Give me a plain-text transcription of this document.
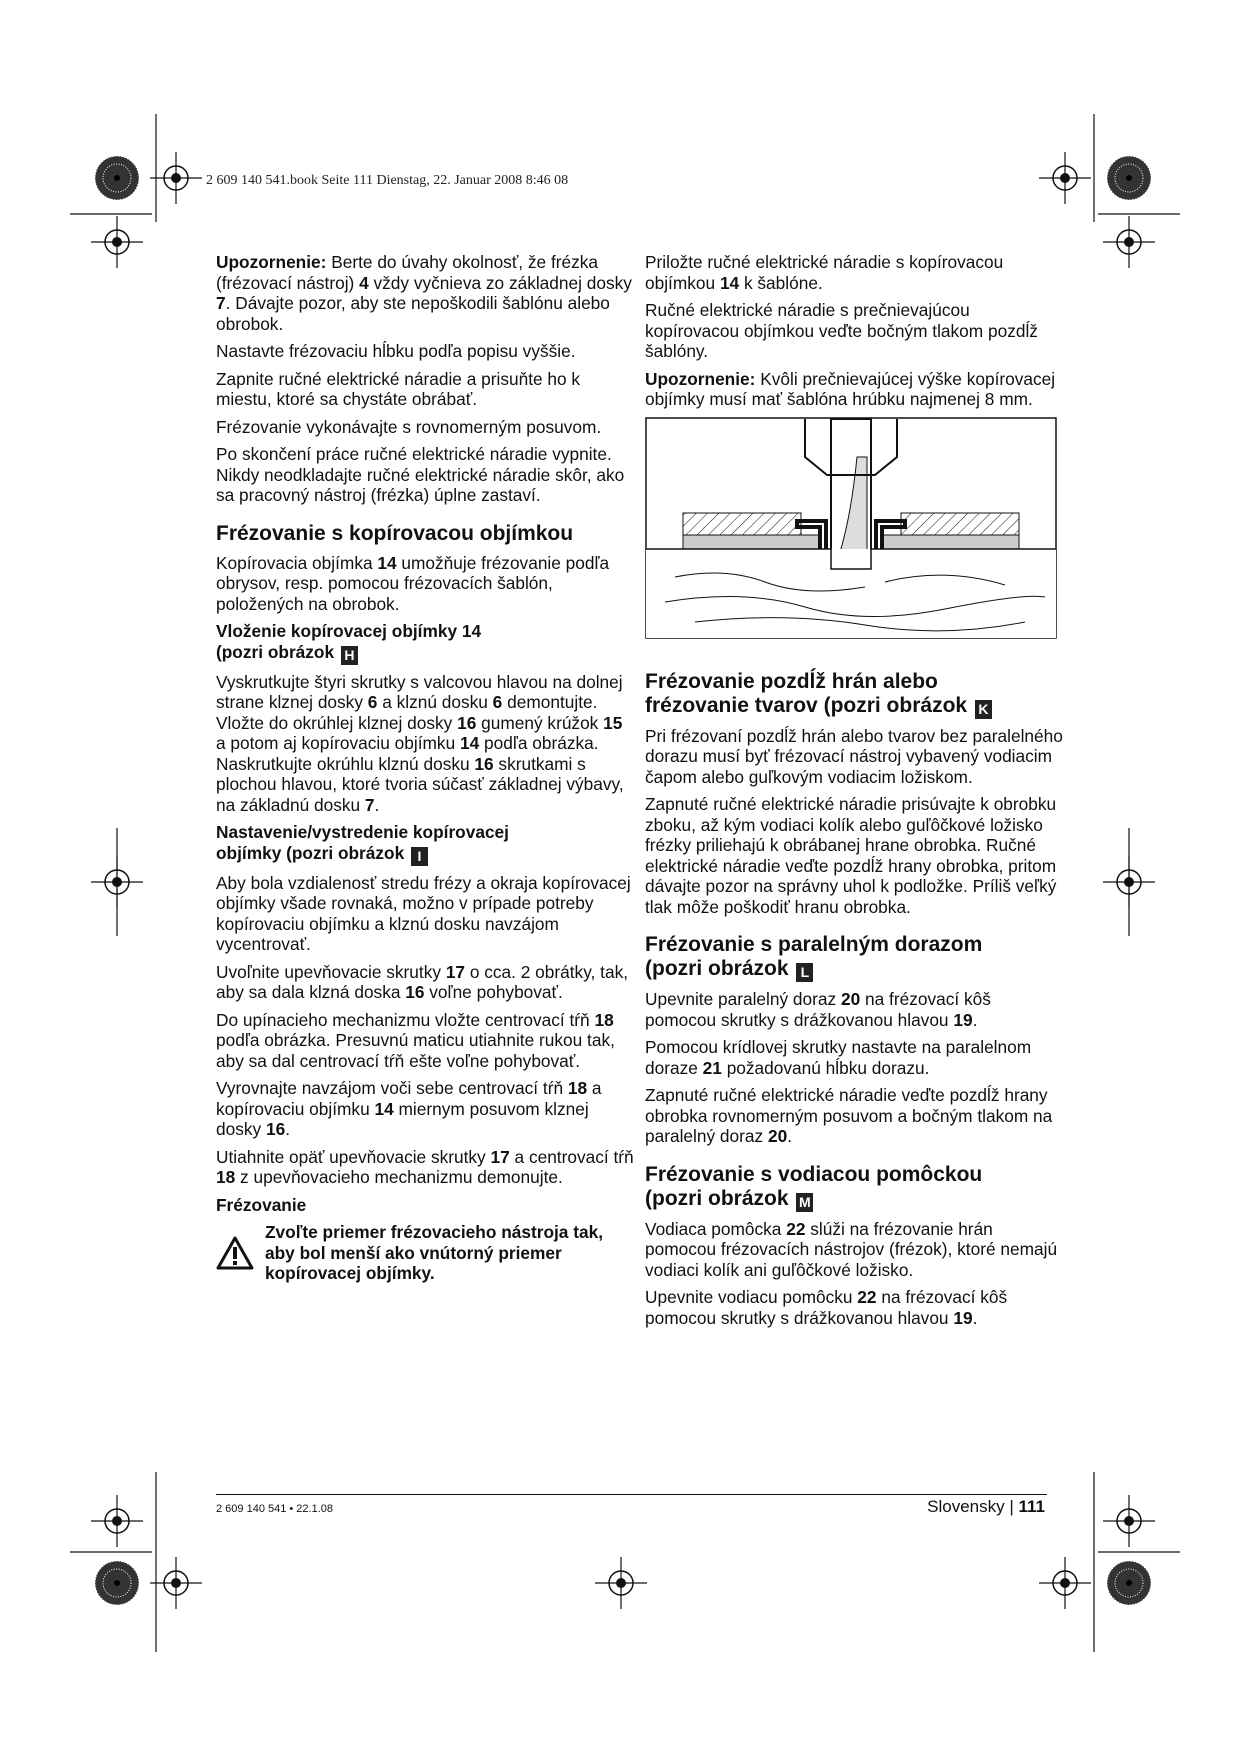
2 609 140 541.book Seite 111 Dienstag, 22. Januar 2008 8:46 08

Upozornenie: Berte do úvahy okolnosť, že frézka (frézovací nástroj) 4 vždy vyčnieva zo základnej dosky 7. Dávajte pozor, aby ste nepoškodili šablónu alebo obrobok.

Nastavte frézovaciu hĺbku podľa popisu vyššie.

Zapnite ručné elektrické náradie a prisuňte ho k miestu, ktoré sa chystáte obrábať.

Frézovanie vykonávajte s rovnomerným posuvom.

Po skončení práce ručné elektrické náradie vypnite. Nikdy neodkladajte ručné elektrické náradie skôr, ako sa pracovný nástroj (frézka) úplne zastaví.

Frézovanie s kopírovacou objímkou

Kopírovacia objímka 14 umožňuje frézovanie podľa obrysov, resp. pomocou frézovacích šablón, položených na obrobok.

Vloženie kopírovacej objímky 14
(pozri obrázok H

Vyskrutkujte štyri skrutky s valcovou hlavou na dolnej strane klznej dosky 6 a klznú dosku 6 demontujte. Vložte do okrúhlej klznej dosky 16 gumený krúžok 15 a potom aj kopírovaciu objímku 14 podľa obrázka. Naskrutkujte okrúhlu klznú dosku 16 skrutkami s plochou hlavou, ktoré tvoria súčasť základnej výbavy, na základnú dosku 7.

Nastavenie/vystredenie kopírovacej
objímky (pozri obrázok I

Aby bola vzdialenosť stredu frézy a okraja kopírovacej objímky všade rovnaká, možno v prípade potreby kopírovaciu objímku a klznú dosku navzájom vycentrovať.

Uvoľnite upevňovacie skrutky 17 o cca. 2 obrátky, tak, aby sa dala klzná doska 16 voľne pohybovať.

Do upínacieho mechanizmu vložte centrovací tŕň 18 podľa obrázka. Presuvnú maticu utiahnite rukou tak, aby sa dal centrovací tŕň ešte voľne pohybovať.

Vyrovnajte navzájom voči sebe centrovací tŕň 18 a kopírovaciu objímku 14 miernym posuvom klznej dosky 16.

Utiahnite opäť upevňovacie skrutky 17 a centrovací tŕň 18 z upevňovacieho mechanizmu demonujte.

Frézovanie

Zvoľte priemer frézovacieho nástroja tak, aby bol menší ako vnútorný priemer kopírovacej objímky.

Priložte ručné elektrické náradie s kopírovacou objímkou 14 k šablóne.

Ručné elektrické náradie s prečnievajúcou kopírovacou objímkou veďte bočným tlakom pozdĺž šablóny.

Upozornenie: Kvôli prečnievajúcej výške kopírovacej objímky musí mať šablóna hrúbku najmenej 8 mm.

Frézovanie pozdĺž hrán alebo
frézovanie tvarov (pozri obrázok K

Pri frézovaní pozdĺž hrán alebo tvarov bez paralelného dorazu musí byť frézovací nástroj vybavený vodiacim čapom alebo guľkovým vodiacim ložiskom.

Zapnuté ručné elektrické náradie prisúvajte k obrobku zboku, až kým vodiaci kolík alebo guľôčkové ložisko frézky priliehajú k obrábanej hrane obrobka. Ručné elektrické náradie veďte pozdĺž hrany obrobka, pritom dávajte pozor na správny uhol k podložke. Príliš veľký tlak môže poškodiť hranu obrobka.

Frézovanie s paralelným dorazom
(pozri obrázok L

Upevnite paralelný doraz 20 na frézovací kôš pomocou skrutky s drážkovanou hlavou 19.

Pomocou krídlovej skrutky nastavte na paralelnom doraze 21 požadovanú hĺbku dorazu.

Zapnuté ručné elektrické náradie veďte pozdĺž hrany obrobka rovnomerným posuvom a bočným tlakom na paralelný doraz 20.

Frézovanie s vodiacou pomôckou
(pozri obrázok M

Vodiaca pomôcka 22 slúži na frézovanie hrán pomocou frézovacích nástrojov (frézok), ktoré nemajú vodiaci kolík ani guľôčkové ložisko.

Upevnite vodiacu pomôcku 22 na frézovací kôš pomocou skrutky s drážkovanou hlavou 19.

2 609 140 541 • 22.1.08	Slovensky | 111
